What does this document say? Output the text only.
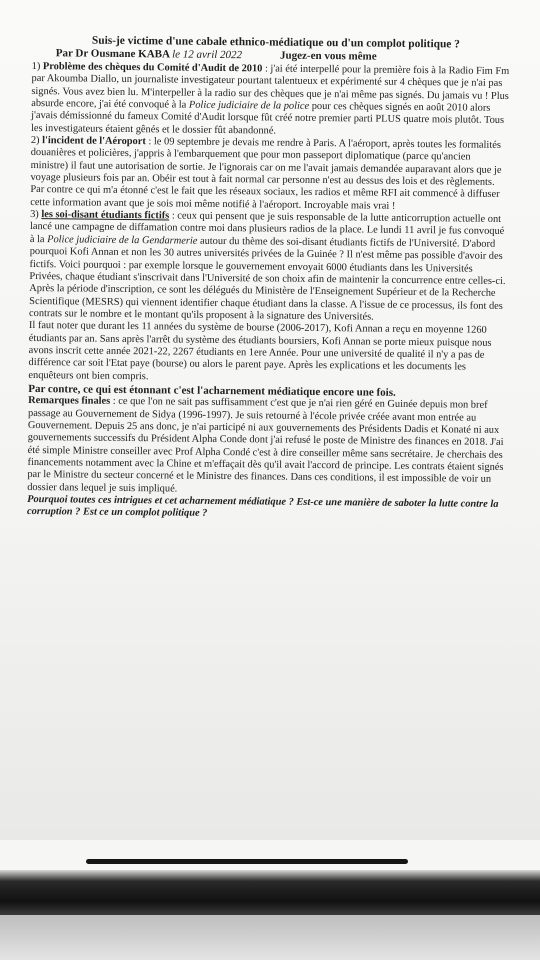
Suis-je victime d'une cabale ethnico-médiatique ou d'un complot politique ?

Par Dr Ousmane KABA le 12 avril 2022	Jugez-en vous même

1) Problème des chèques du Comité d'Audit de 2010 : j'ai été interpellé pour la première fois à la Radio Fim Fm par Akoumba Diallo, un journaliste investigateur pourtant talentueux et expérimenté sur 4 chèques que je n'ai pas signés. Vous avez bien lu. M'interpeller à la radio sur des chèques que je n'ai même pas signés. Du jamais vu ! Plus absurde encore, j'ai été convoqué à la Police judiciaire de la police pour ces chèques signés en août 2010 alors j'avais démissionné du fameux Comité d'Audit lorsque fût créé notre premier parti PLUS quatre mois plutôt. Tous les investigateurs étaient gênés et le dossier fût abandonné.

2) l'incident de l'Aéroport : le 09 septembre je devais me rendre à Paris. A l'aéroport, après toutes les formalités douanières et policières, j'appris à l'embarquement que pour mon passeport diplomatique (parce qu'ancien ministre) il faut une autorisation de sortie. Je l'ignorais car on me l'avait jamais demandée auparavant alors que je voyage plusieurs fois par an. Obéir est tout à fait normal car personne n'est au dessus des lois et des règlements. Par contre ce qui m'a étonné c'est le fait que les réseaux sociaux, les radios et même RFI ait commencé à diffuser cette information avant que je sois moi même notifié à l'aéroport. Incroyable mais vrai !

3) les soi-disant étudiants fictifs : ceux qui pensent que je suis responsable de la lutte anticorruption actuelle ont lancé une campagne de diffamation contre moi dans plusieurs radios de la place. Le lundi 11 avril je fus convoqué à la Police judiciaire de la Gendarmerie autour du thème des soi-disant étudiants fictifs de l'Université. D'abord pourquoi Kofi Annan et non les 30 autres universités privées de la Guinée ? Il n'est même pas possible d'avoir des fictifs. Voici pourquoi : par exemple lorsque le gouvernement envoyait 6000 étudiants dans les Universités Privées, chaque étudiant s'inscrivait dans l'Université de son choix afin de maintenir la concurrence entre celles-ci. Après la période d'inscription, ce sont les délégués du Ministère de l'Enseignement Supérieur et de la Recherche Scientifique (MESRS) qui viennent identifier chaque étudiant dans la classe. A l'issue de ce processus, ils font des contrats sur le nombre et le montant qu'ils proposent à la signature des Universités.

Il faut noter que durant les 11 années du système de bourse (2006-2017), Kofi Annan a reçu en moyenne 1260 étudiants par an. Sans après l'arrêt du système des étudiants boursiers, Kofi Annan se porte mieux puisque nous avons inscrit cette année 2021-22, 2267 étudiants en 1ere Année. Pour une université de qualité il n'y a pas de différence car soit l'Etat paye (bourse) ou alors le parent paye. Après les explications et les documents les enquêteurs ont bien compris.

Par contre, ce qui est étonnant c'est l'acharnement médiatique encore une fois.

Remarques finales : ce que l'on ne sait pas suffisamment c'est que je n'ai rien géré en Guinée depuis mon bref passage au Gouvernement de Sidya (1996-1997). Je suis retourné à l'école privée créée avant mon entrée au Gouvernement. Depuis 25 ans donc, je n'ai participé ni aux gouvernements des Présidents Dadis et Konaté ni aux gouvernements successifs du Président Alpha Conde dont j'ai refusé le poste de Ministre des finances en 2018. J'ai été simple Ministre conseiller avec Prof Alpha Condé c'est à dire conseiller même sans secrétaire. Je cherchais des financements notamment avec la Chine et m'effaçait dès qu'il avait l'accord de principe. Les contrats étaient signés par le Ministre du secteur concerné et le Ministre des finances. Dans ces conditions, il est impossible de voir un dossier dans lequel je suis impliqué.

Pourquoi toutes ces intrigues et cet acharnement médiatique ? Est-ce une manière de saboter la lutte contre la corruption ? Est ce un complot politique ?
